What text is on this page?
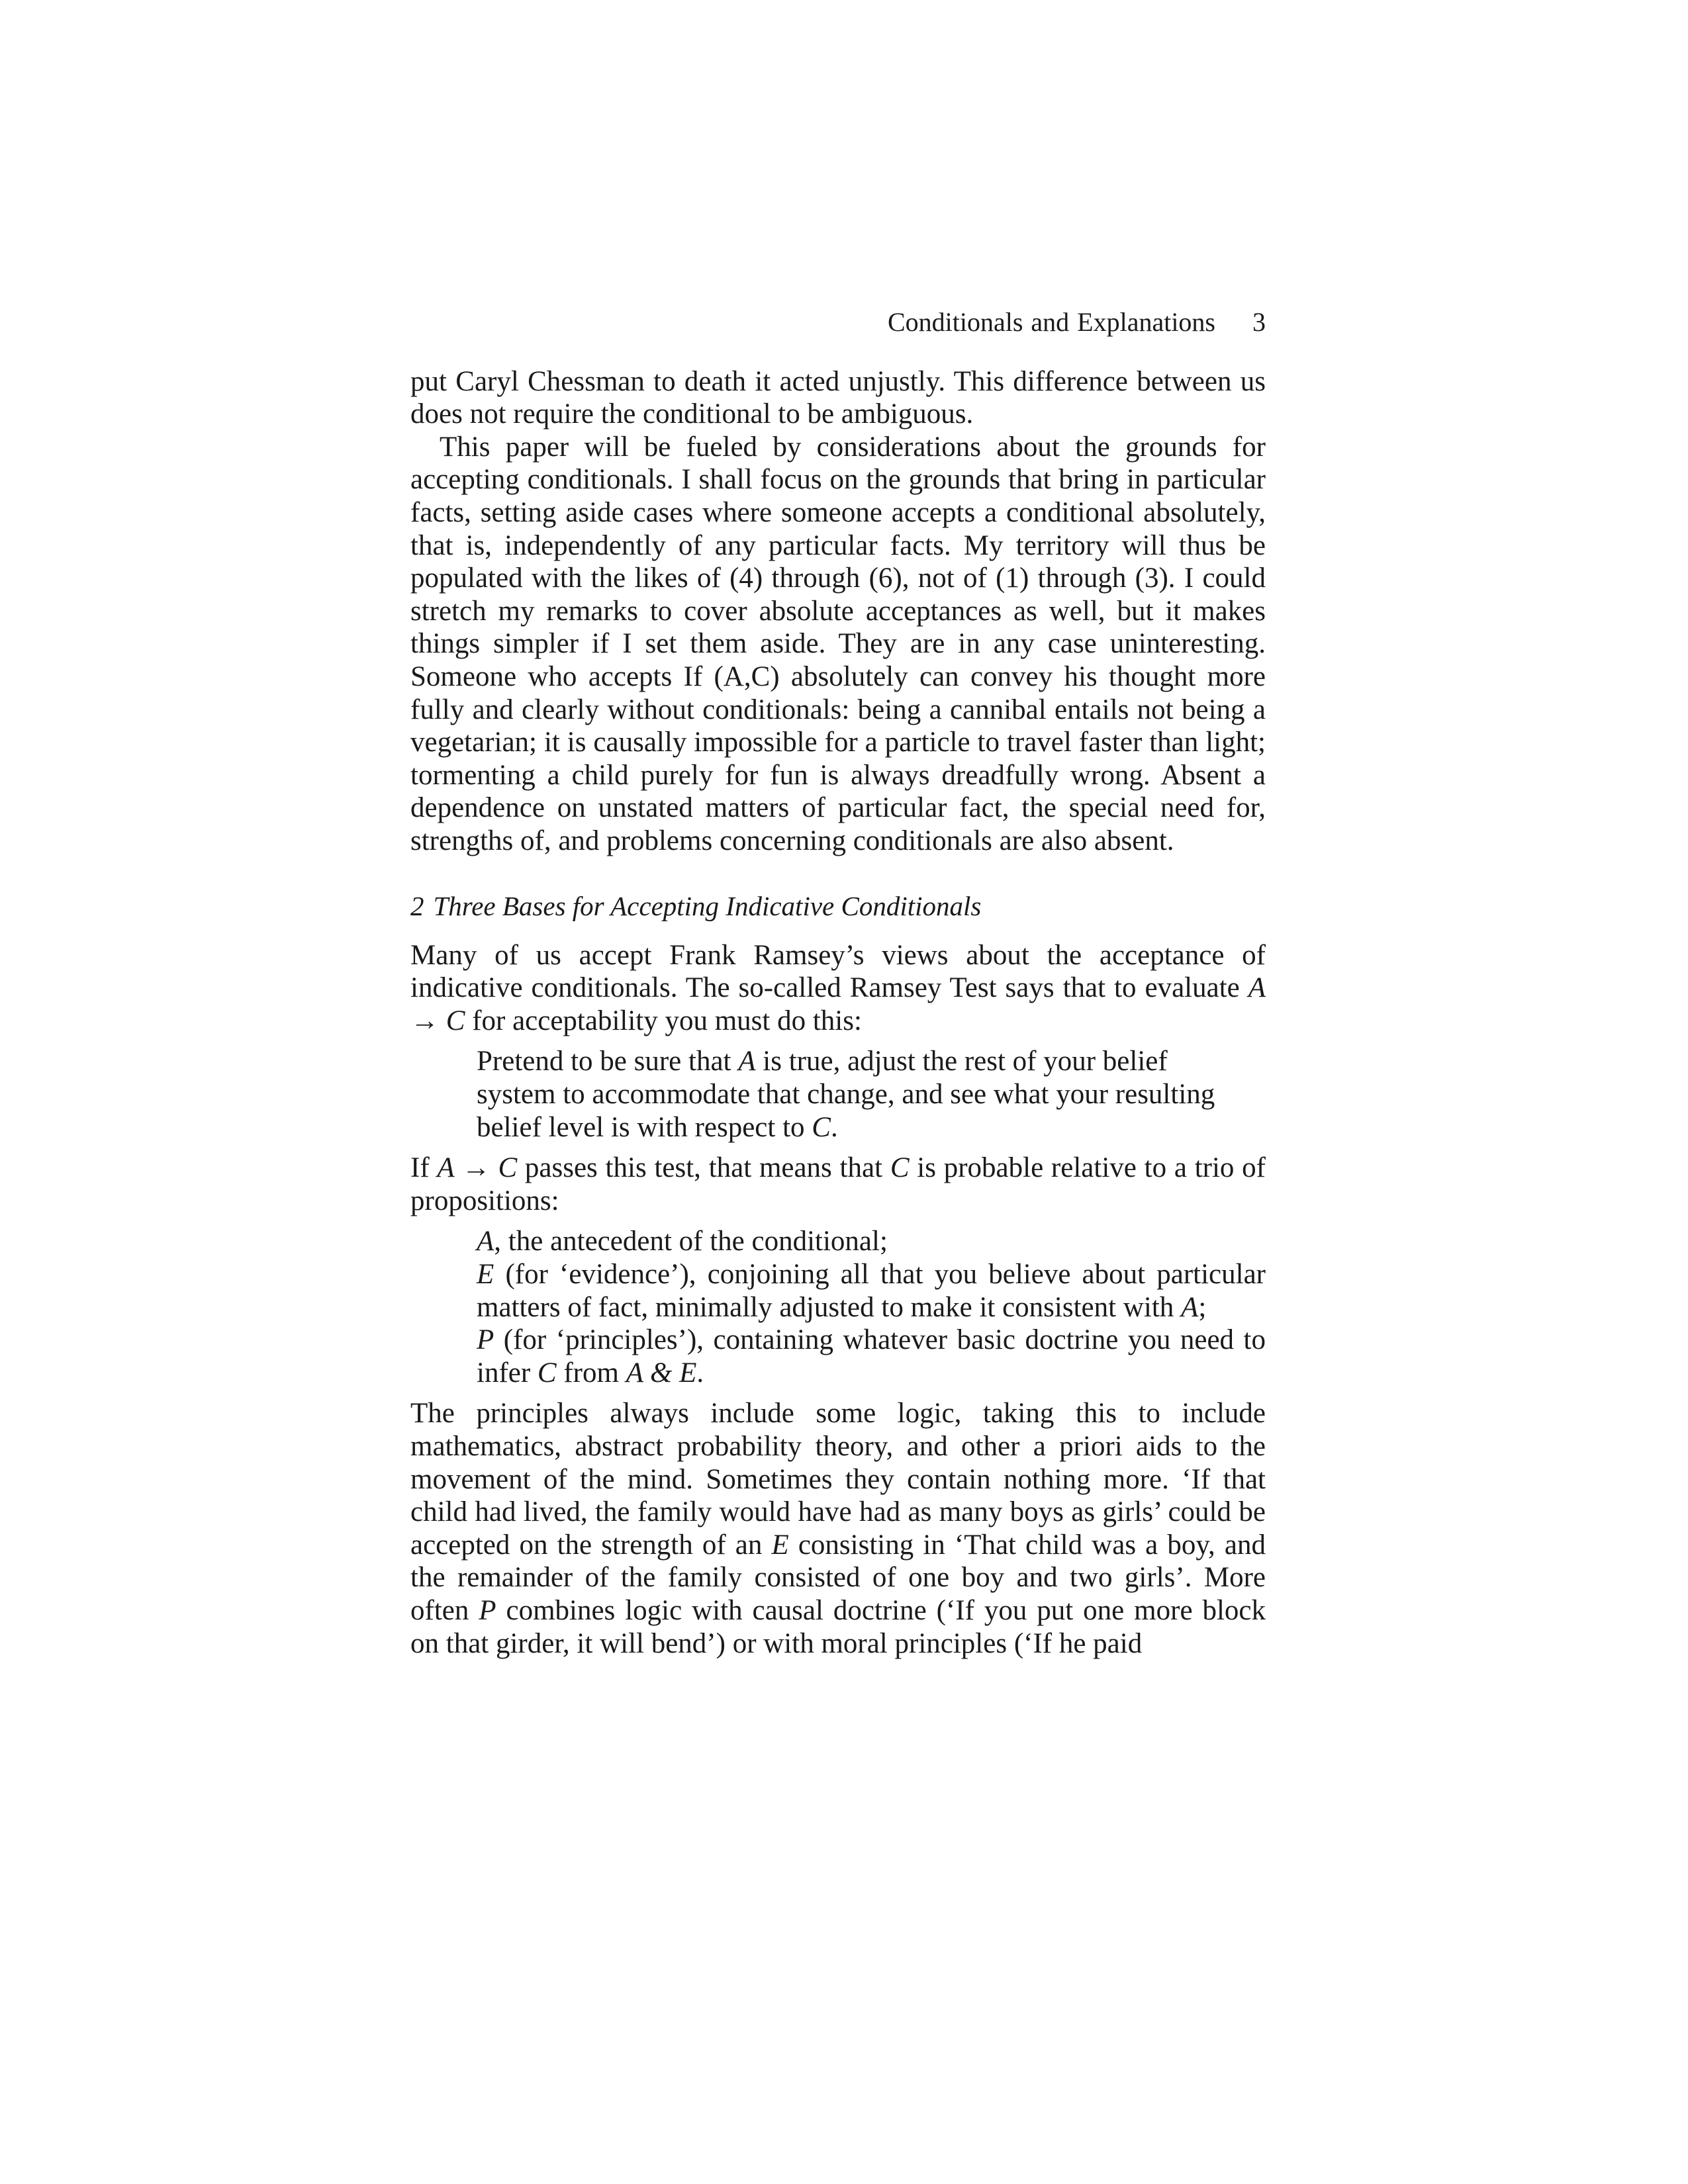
Conditionals and Explanations 3

put Caryl Chessman to death it acted unjustly. This difference between us does not require the conditional to be ambiguous.

This paper will be fueled by considerations about the grounds for accepting conditionals. I shall focus on the grounds that bring in particular facts, setting aside cases where someone accepts a conditional absolutely, that is, independently of any particular facts. My territory will thus be populated with the likes of (4) through (6), not of (1) through (3). I could stretch my remarks to cover absolute acceptances as well, but it makes things simpler if I set them aside. They are in any case uninteresting. Someone who accepts If (A,C) absolutely can convey his thought more fully and clearly without conditionals: being a cannibal entails not being a vegetarian; it is causally impossible for a particle to travel faster than light; tormenting a child purely for fun is always dreadfully wrong. Absent a dependence on unstated matters of particular fact, the special need for, strengths of, and problems concerning conditionals are also absent.

2 Three Bases for Accepting Indicative Conditionals

Many of us accept Frank Ramsey’s views about the acceptance of indicative conditionals. The so-called Ramsey Test says that to evaluate A → C for acceptability you must do this:

Pretend to be sure that A is true, adjust the rest of your belief system to accommodate that change, and see what your resulting belief level is with respect to C.

If A → C passes this test, that means that C is probable relative to a trio of propositions:

A, the antecedent of the conditional;

E (for ‘evidence’), conjoining all that you believe about particular matters of fact, minimally adjusted to make it consistent with A;

P (for ‘principles’), containing whatever basic doctrine you need to infer C from A & E.

The principles always include some logic, taking this to include mathematics, abstract probability theory, and other a priori aids to the movement of the mind. Sometimes they contain nothing more. ‘If that child had lived, the family would have had as many boys as girls’ could be accepted on the strength of an E consisting in ‘That child was a boy, and the remainder of the family consisted of one boy and two girls’. More often P combines logic with causal doctrine (‘If you put one more block on that girder, it will bend’) or with moral principles (‘If he paid
